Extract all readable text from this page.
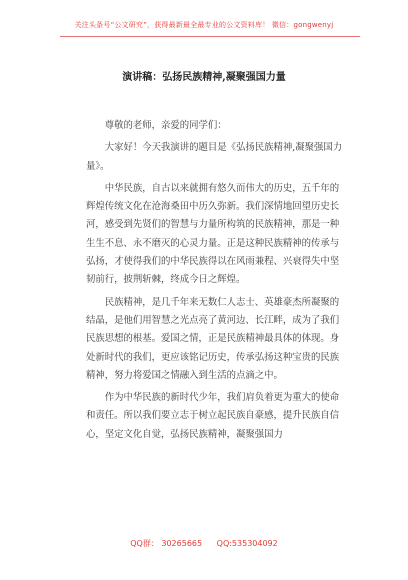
关注头条号“公文研究”，获得最新最全最专业的公文资料库！ 微信：gongwenyj
演讲稿：弘扬民族精神,凝聚强国力量

尊敬的老师，亲爱的同学们：

大家好！今天我演讲的题目是《弘扬民族精神,凝聚强国力量》。

中华民族，自古以来就拥有悠久而伟大的历史，五千年的辉煌传统文化在沧海桑田中历久弥新。我们深情地回望历史长河，感受到先贤们的智慧与力量所构筑的民族精神，那是一种生生不息、永不磨灭的心灵力量。正是这种民族精神的传承与弘扬，才使得我们的中华民族得以在风雨兼程、兴衰得失中坚韧前行，披荆斩棘，终成今日之辉煌。

民族精神，是几千年来无数仁人志士、英雄豪杰所凝聚的结晶，是他们用智慧之光点亮了黄河边、长江畔，成为了我们民族思想的根基。爱国之情，正是民族精神最具体的体现。身处新时代的我们，更应该铭记历史，传承弘扬这种宝贵的民族精神，努力将爱国之情融入到生活的点滴之中。

作为中华民族的新时代少年，我们肩负着更为重大的使命和责任。所以我们要立志于树立起民族自豪感，提升民族自信心，坚定文化自觉，弘扬民族精神，凝聚强国力

QQ群： 30265665 QQ:535304092
